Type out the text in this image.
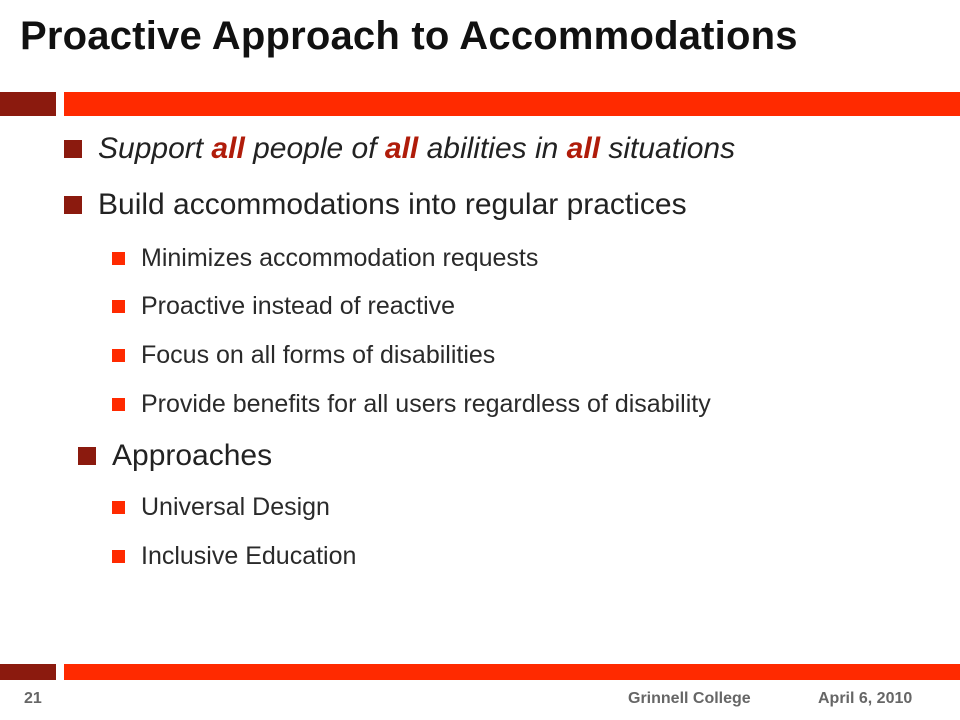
Proactive Approach to Accommodations
Support all people of all abilities in all situations
Build accommodations into regular practices
Minimizes accommodation requests
Proactive instead of reactive
Focus on all forms of disabilities
Provide benefits for all users regardless of disability
Approaches
Universal Design
Inclusive Education
21	Grinnell College	April 6, 2010
